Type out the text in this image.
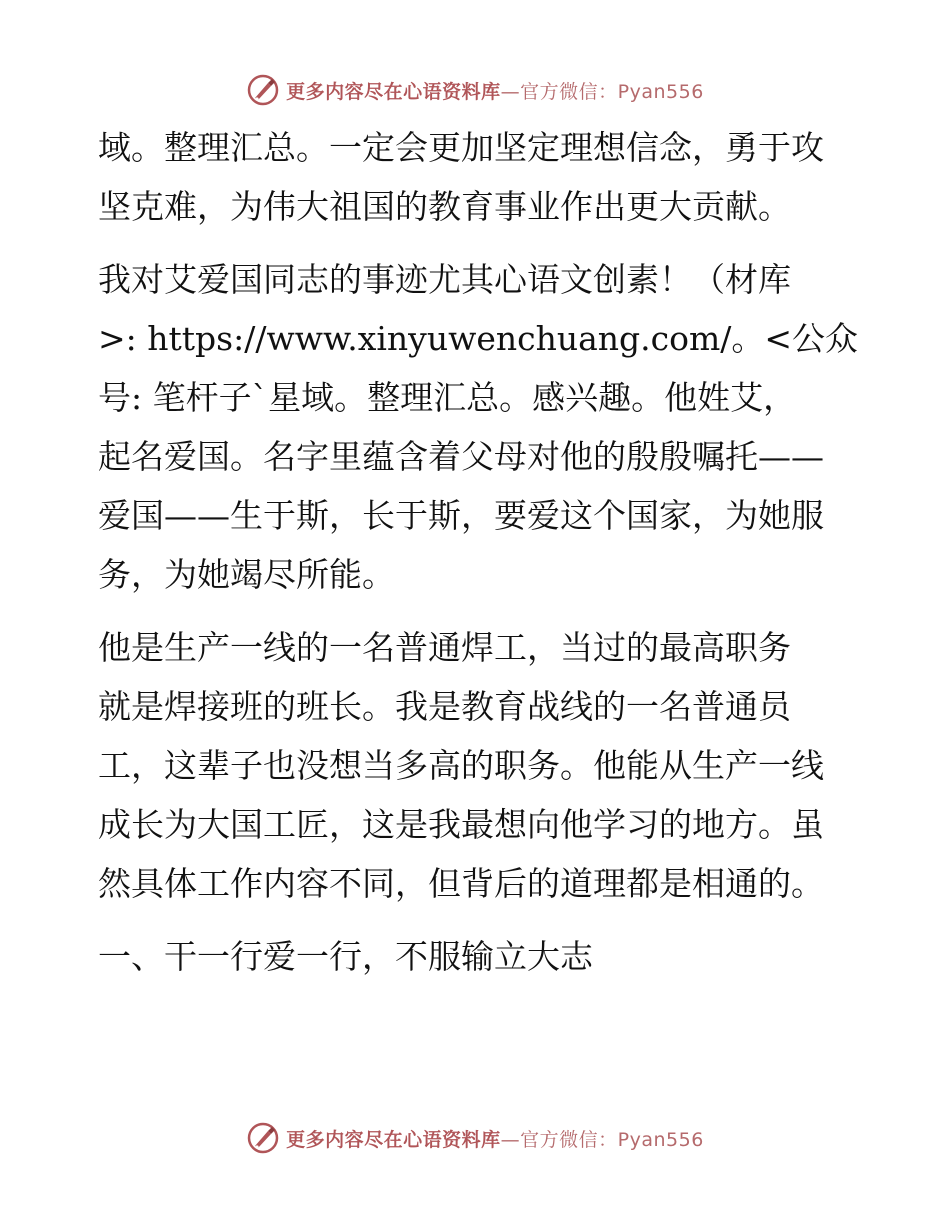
更多内容尽在心语资料库—官方微信：Pyan556
域。整理汇总。一定会更加坚定理想信念，勇于攻
坚克难，为伟大祖国的教育事业作出更大贡献。
我对艾爱国同志的事迹尤其心语文创素！（材库
>: https://www.xinyuwenchuang.com/。<公众
号: 笔杆子`星域。整理汇总。感兴趣。他姓艾，
起名爱国。名字里蕴含着父母对他的殷殷嘱托——
爱国——生于斯，长于斯，要爱这个国家，为她服
务，为她竭尽所能。
他是生产一线的一名普通焊工，当过的最高职务
就是焊接班的班长。我是教育战线的一名普通员
工，这辈子也没想当多高的职务。他能从生产一线
成长为大国工匠，这是我最想向他学习的地方。虽
然具体工作内容不同，但背后的道理都是相通的。
一、干一行爱一行，不服输立大志
更多内容尽在心语资料库—官方微信：Pyan556
